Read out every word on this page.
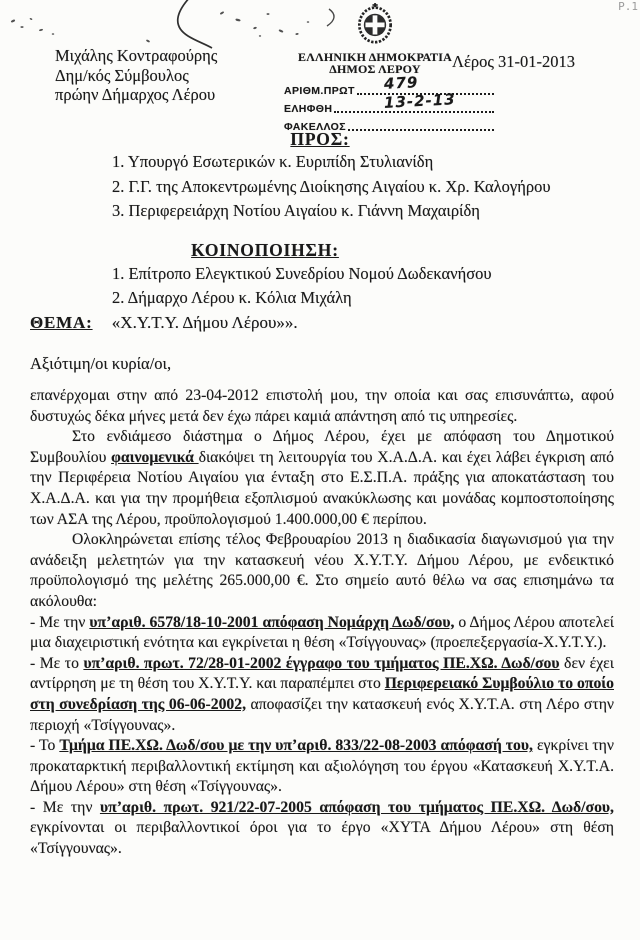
P.1
Μιχάλης Κοντραφούρης
Δημ/κός Σύμβουλος
πρώην Δήμαρχος Λέρου
ΕΛΛΗΝΙΚΗ ΔΗΜΟΚΡΑΤΙΑ
ΔΗΜΟΣ ΛΕΡΟΥ	Λέρος 31-01-2013
ΑΡΙΘΜ.ΠΡΩΤ 479
ΕΛΗΦΘΗ	13-2-13
ΦΑΚΕΛΛΟΣ
ΠΡΟΣ:
1. Υπουργό Εσωτερικών κ. Ευριπίδη Στυλιανίδη
2. Γ.Γ. της Αποκεντρωμένης Διοίκησης Αιγαίου κ. Χρ. Καλογήρου
3. Περιφερειάρχη Νοτίου Αιγαίου κ. Γιάννη Μαχαιρίδη
ΚΟΙΝΟΠΟΙΗΣΗ:
1. Επίτροπο Ελεγκτικού Συνεδρίου Νομού Δωδεκανήσου
2. Δήμαρχο Λέρου κ. Κόλια Μιχάλη
ΘΕΜΑ: «Χ.Υ.Τ.Υ. Δήμου Λέρου»».
Αξιότιμη/οι κυρία/οι,

επανέρχομαι στην από 23-04-2012 επιστολή μου, την οποία και σας επισυνάπτω, αφού δυστυχώς δέκα μήνες μετά δεν έχω πάρει καμιά απάντηση από τις υπηρεσίες.

Στο ενδιάμεσο διάστημα ο Δήμος Λέρου, έχει με απόφαση του Δημοτικού Συμβουλίου φαινομενικά διακόψει τη λειτουργία του Χ.Α.Δ.Α. και έχει λάβει έγκριση από την Περιφέρεια Νοτίου Αιγαίου για ένταξη στο Ε.Σ.Π.Α. πράξης για αποκατάσταση του Χ.Α.Δ.Α. και για την προμήθεια εξοπλισμού ανακύκλωσης και μονάδας κομποστοποίησης των ΑΣΑ της Λέρου, προϋπολογισμού 1.400.000,00 € περίπου.

Ολοκληρώνεται επίσης τέλος Φεβρουαρίου 2013 η διαδικασία διαγωνισμού για την ανάδειξη μελετητών για την κατασκευή νέου Χ.Υ.Τ.Υ. Δήμου Λέρου, με ενδεικτικό προϋπολογισμό της μελέτης 265.000,00 €. Στο σημείο αυτό θέλω να σας επισημάνω τα ακόλουθα:

- Με την υπ’αριθ. 6578/18-10-2001 απόφαση Νομάρχη Δωδ/σου, ο Δήμος Λέρου αποτελεί μια διαχειριστική ενότητα και εγκρίνεται η θέση «Τσίγγουνας» (προεπεξεργασία-Χ.Υ.Τ.Υ.).

- Με το υπ’αριθ. πρωτ. 72/28-01-2002 έγγραφο του τμήματος ΠΕ.ΧΩ. Δωδ/σου δεν έχει αντίρρηση με τη θέση του Χ.Υ.Τ.Υ. και παραπέμπει στο Περιφερειακό Συμβούλιο το οποίο στη συνεδρίαση της 06-06-2002, αποφασίζει την κατασκευή ενός Χ.Υ.Τ.Α. στη Λέρο στην περιοχή «Τσίγγουνας».

- Το Τμήμα ΠΕ.ΧΩ. Δωδ/σου με την υπ’αριθ. 833/22-08-2003 απόφασή του, εγκρίνει την προκαταρκτική περιβαλλοντική εκτίμηση και αξιολόγηση του έργου «Κατασκευή Χ.Υ.Τ.Α. Δήμου Λέρου» στη θέση «Τσίγγουνας».

- Με την υπ’αριθ. πρωτ. 921/22-07-2005 απόφαση του τμήματος ΠΕ.ΧΩ. Δωδ/σου, εγκρίνονται οι περιβαλλοντικοί όροι για το έργο «ΧΥΤΑ Δήμου Λέρου» στη θέση «Τσίγγουνας».
